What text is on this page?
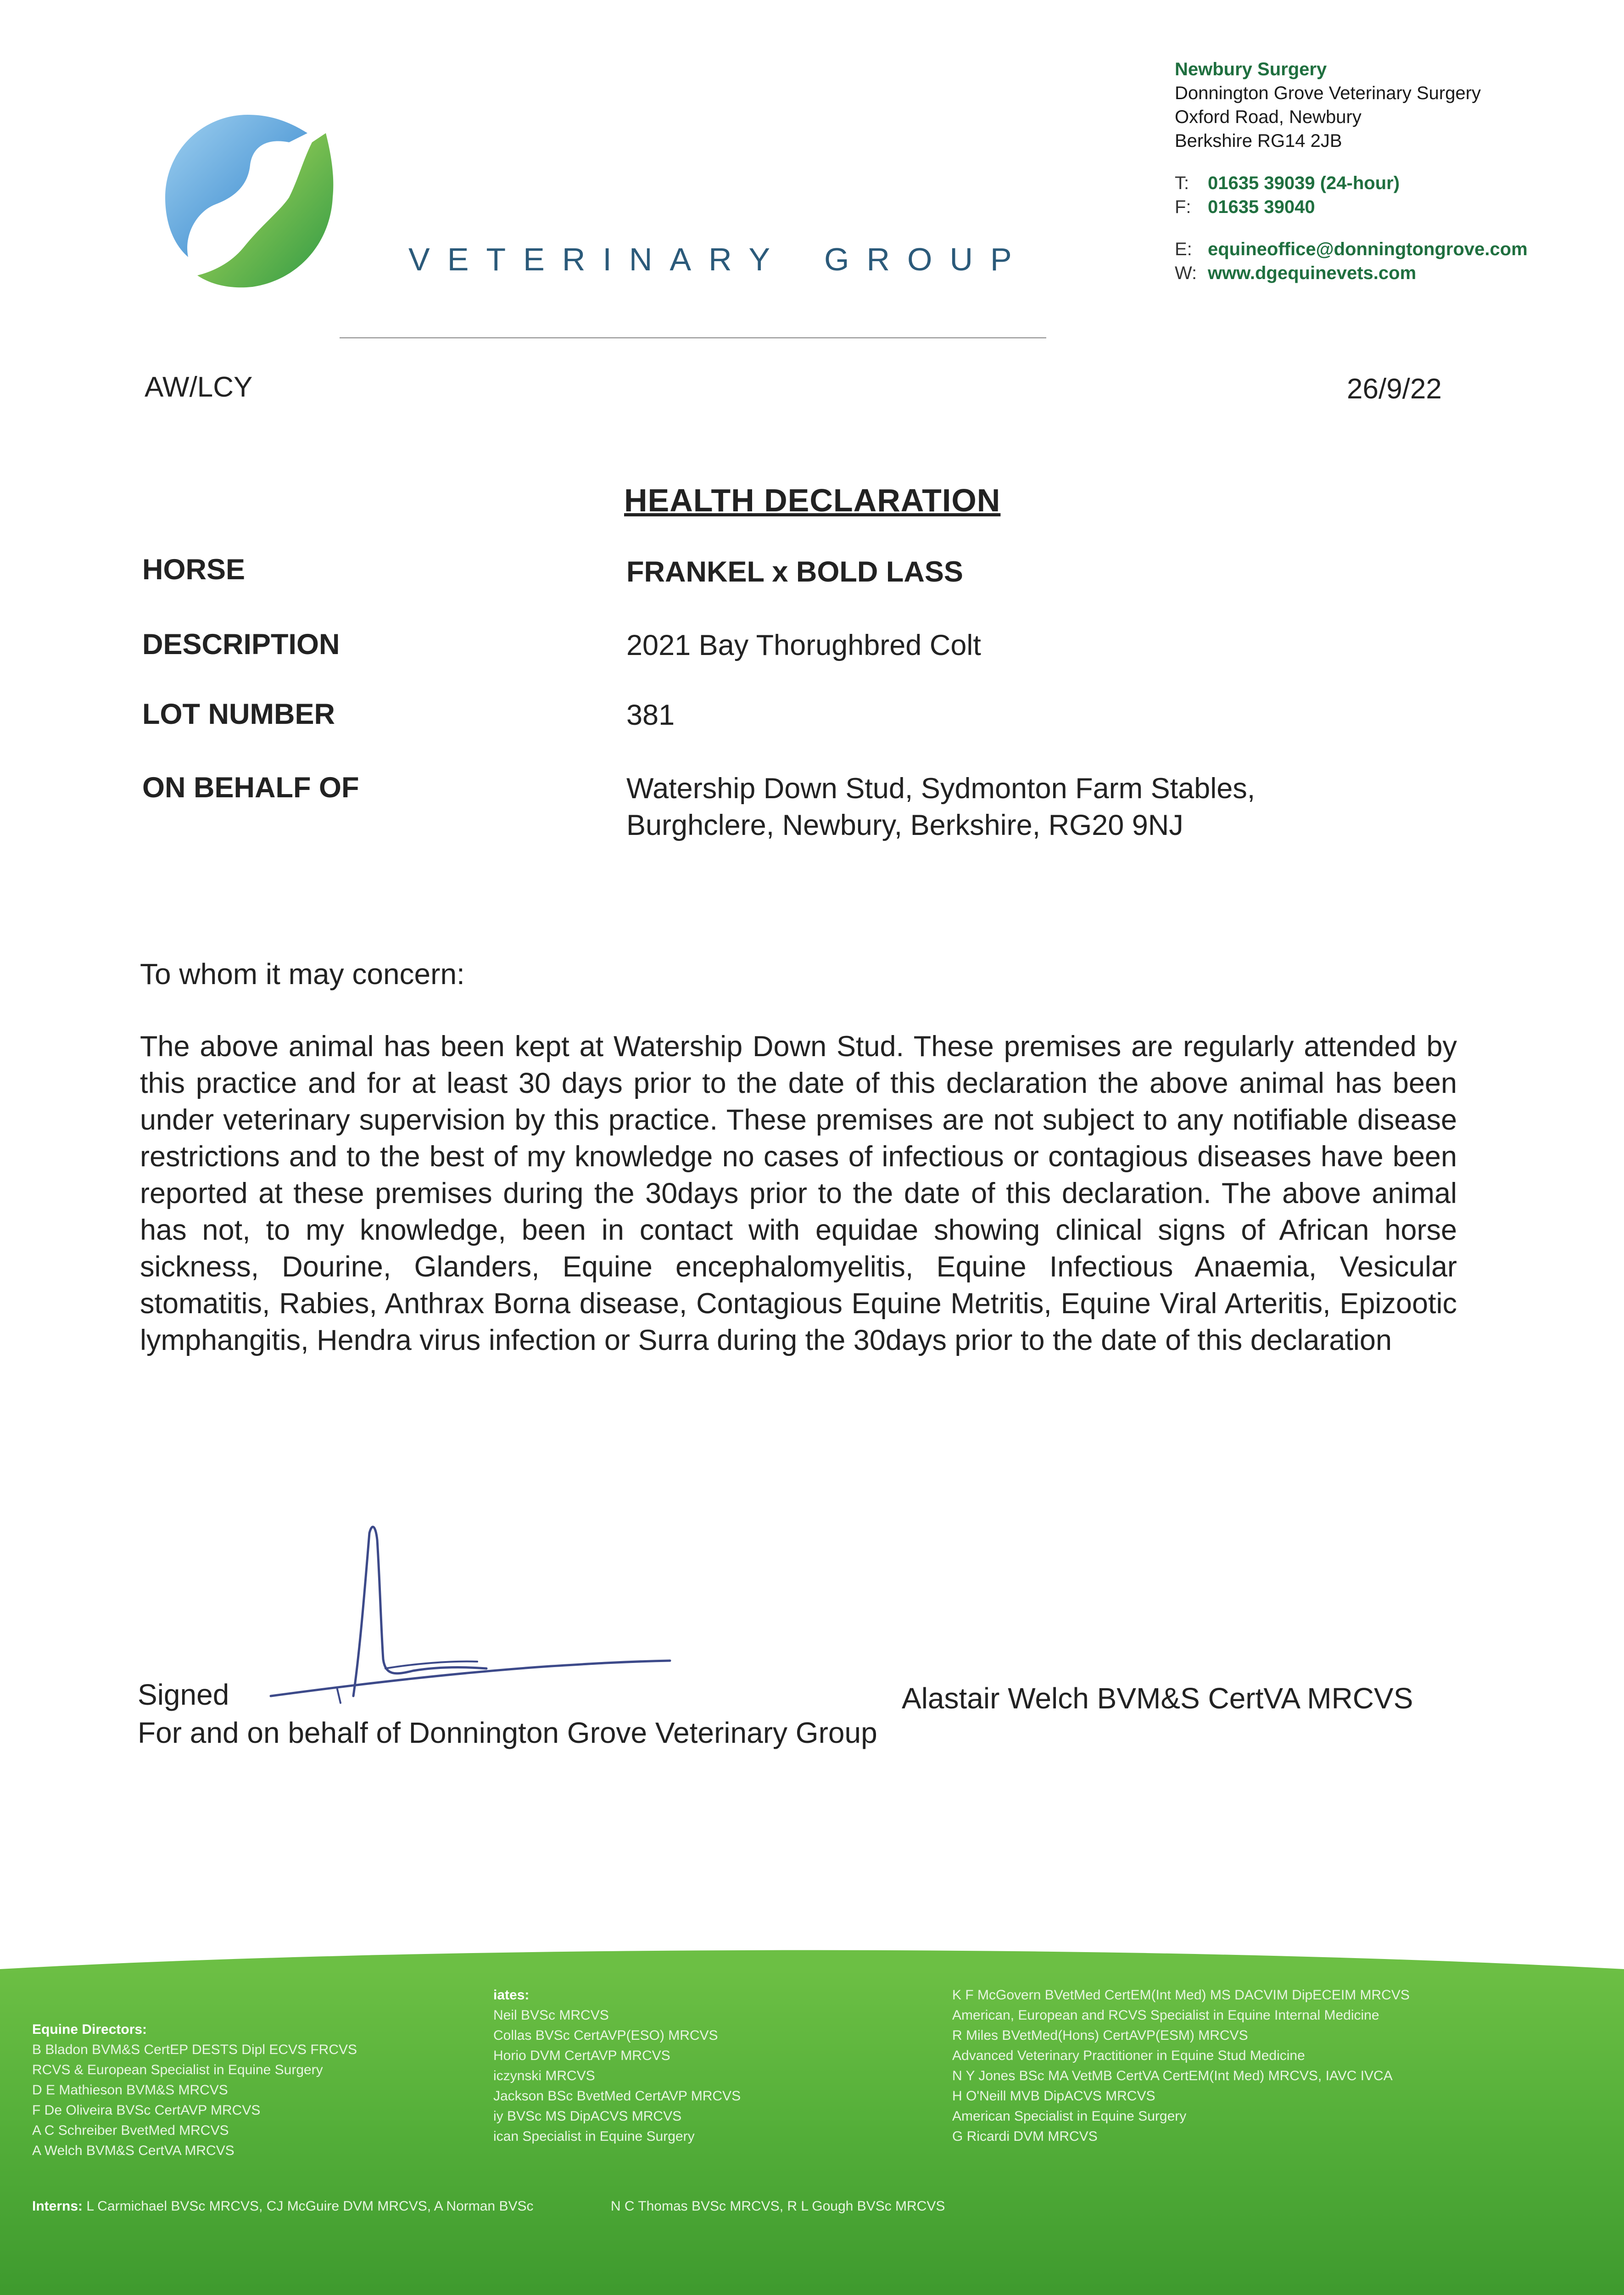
VETERINARY GROUP
Newbury Surgery
Donnington Grove Veterinary Surgery
Oxford Road, Newbury
Berkshire RG14 2JB
T: 01635 39039 (24-hour)
F: 01635 39040
E: equineoffice@donningtongrove.com
W: www.dgequinevets.com
AW/LCY	26/9/22
HEALTH DECLARATION
HORSE	FRANKEL x BOLD LASS
DESCRIPTION	2021 Bay Thorughbred Colt
LOT NUMBER	381
ON BEHALF OF	Watership Down Stud, Sydmonton Farm Stables,
Burghclere, Newbury, Berkshire, RG20 9NJ
To whom it may concern:
The above animal has been kept at Watership Down Stud. These premises are regularly attended by this practice and for at least 30 days prior to the date of this declaration the above animal has been under veterinary supervision by this practice. These premises are not subject to any notifiable disease restrictions and to the best of my knowledge no cases of infectious or contagious diseases have been reported at these premises during the 30days prior to the date of this declaration. The above animal has not, to my knowledge, been in contact with equidae showing clinical signs of African horse sickness, Dourine, Glanders, Equine encephalomyelitis, Equine Infectious Anaemia, Vesicular stomatitis, Rabies, Anthrax Borna disease, Contagious Equine Metritis, Equine Viral Arteritis, Epizootic lymphangitis, Hendra virus infection or Surra during the 30days prior to the date of this declaration
Signed	Alastair Welch BVM&S CertVA MRCVS
For and on behalf of Donnington Grove Veterinary Group
Equine Directors:
B Bladon BVM&S CertEP DESTS Dipl ECVS FRCVS
RCVS & European Specialist in Equine Surgery
D E Mathieson BVM&S MRCVS
F De Oliveira BVSc CertAVP MRCVS
A C Schreiber BvetMed MRCVS
A Welch BVM&S CertVA MRCVS
iates:
Neil BVSc MRCVS
Collas BVSc CertAVP(ESO) MRCVS
Horio DVM CertAVP MRCVS
iczynski MRCVS
Jackson BSc BvetMed CertAVP MRCVS
iy BVSc MS DipACVS MRCVS
ican Specialist in Equine Surgery
K F McGovern BVetMed CertEM(Int Med) MS DACVIM DipECEIM MRCVS
American, European and RCVS Specialist in Equine Internal Medicine
R Miles BVetMed(Hons) CertAVP(ESM) MRCVS
Advanced Veterinary Practitioner in Equine Stud Medicine
N Y Jones BSc MA VetMB CertVA CertEM(Int Med) MRCVS, IAVC IVCA
H O'Neill MVB DipACVS MRCVS
American Specialist in Equine Surgery
G Ricardi DVM MRCVS
Interns: L Carmichael BVSc MRCVS, CJ McGuire DVM MRCVS, A Norman BVSc	N C Thomas BVSc MRCVS, R L Gough BVSc MRCVS
